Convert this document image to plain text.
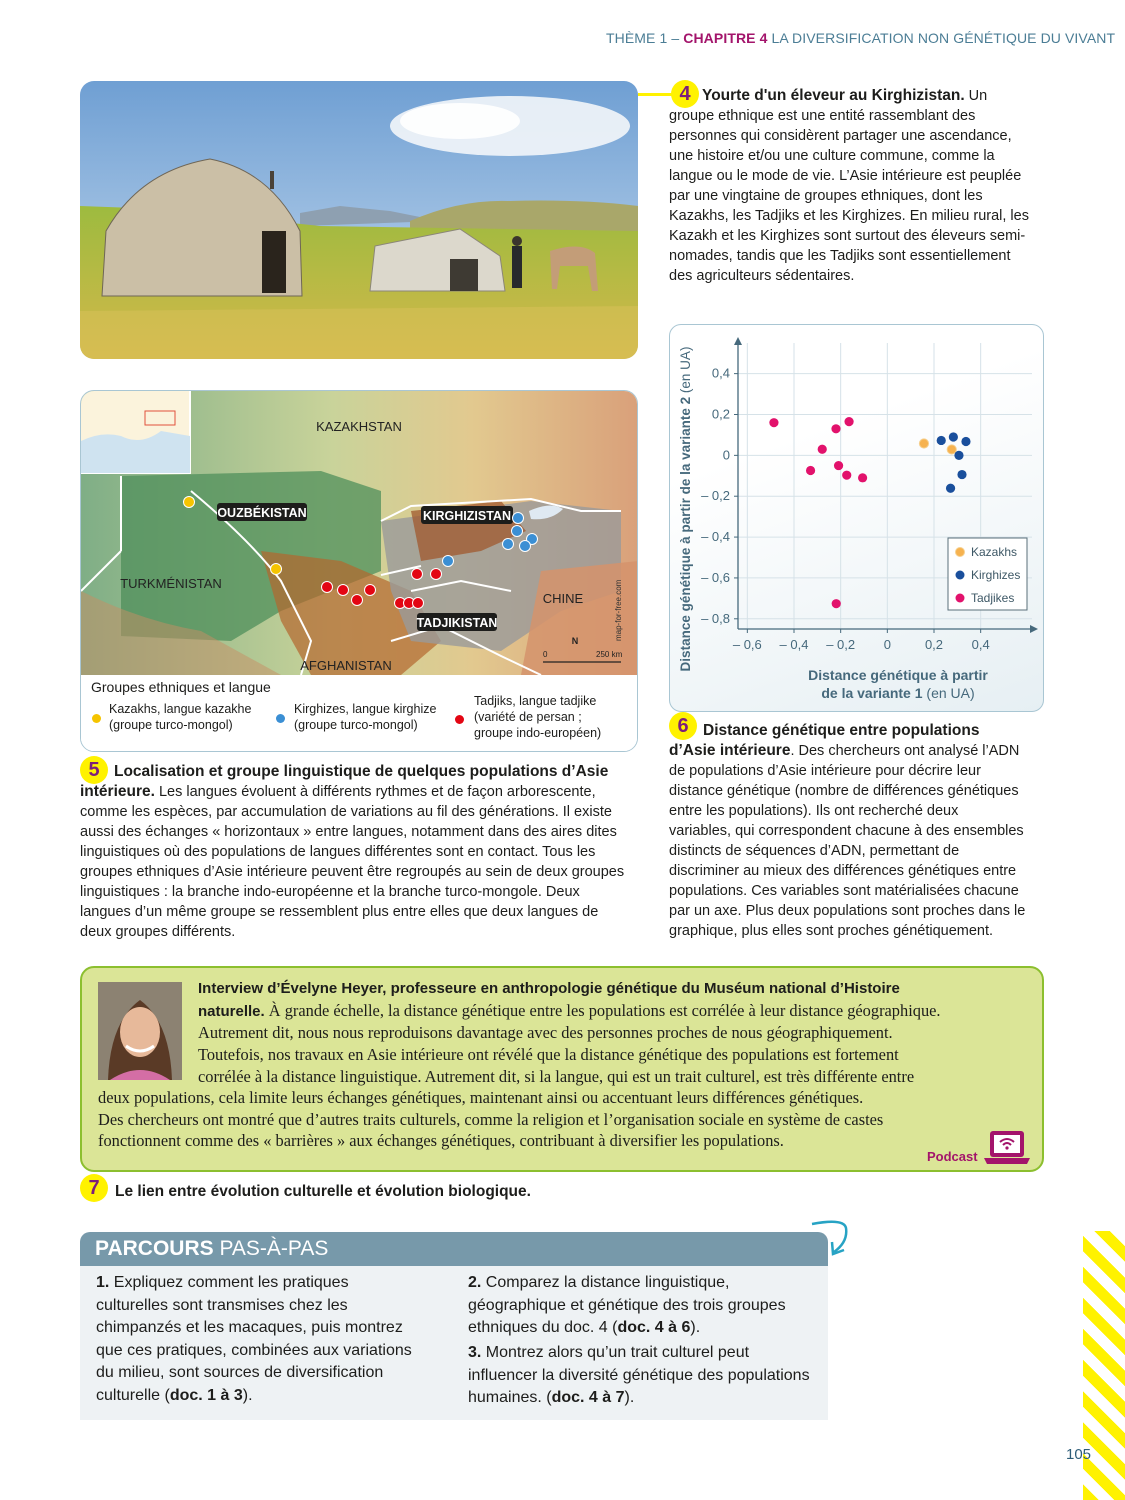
THÈME 1 – CHAPITRE 4 LA DIVERSIFICATION NON GÉNÉTIQUE DU VIVANT
4 Yourte d'un éleveur au Kirghizistan. Un
groupe ethnique est une entité rassemblant des
personnes qui considèrent partager une ascendance,
une histoire et/ou une culture commune, comme la
langue ou le mode de vie. L’Asie intérieure est peuplée
par une vingtaine de groupes ethniques, dont les
Kazakhs, les Tadjiks et les Kirghizes. En milieu rural, les
Kazakh et les Kirghizes sont surtout des éleveurs semi-
nomades, tandis que les Tadjiks sont essentiellement
des agriculteurs sédentaires.
KAZAKHSTAN
OUZBÉKISTAN	KIRGHIZISTAN
TURKMÉNISTAN
CHINE
TADJIKISTAN
AFGHANISTAN
map-for-free.com
N
0	250 km
Groupes ethniques et langue
Kazakhs, langue kazakhe
(groupe turco-mongol)
Kirghizes, langue kirghize
(groupe turco-mongol)
Tadjiks, langue tadjike
(variété de persan ;
groupe indo-européen)
5 Localisation et groupe linguistique de quelques populations d’Asie
intérieure. Les langues évoluent à différents rythmes et de façon arborescente,
comme les espèces, par accumulation de variations au fil des générations. Il existe
aussi des échanges « horizontaux » entre langues, notamment dans des aires dites
linguistiques où des populations de langues différentes sont en contact. Tous les
groupes ethniques d’Asie intérieure peuvent être regroupés au sein de deux groupes
linguistiques : la branche indo-européenne et la branche turco-mongole. Deux
langues d’un même groupe se ressemblent plus entre elles que deux langues de
deux groupes différents.
– 0,6 – 0,4 – 0,2 0	0,2 0,4
0,4
0,2
0
– 0,2
– 0,4
– 0,6
– 0,8
Distance génétique à partir de la variante 2 (en UA)
Distance génétique à partir
de la variante 1 (en UA)
Kazakhs
Kirghizes
Tadjikes
6 Distance génétique entre populations
d’Asie intérieure. Des chercheurs ont analysé l’ADN
de populations d’Asie intérieure pour décrire leur
distance génétique (nombre de différences génétiques
entre les populations). Ils ont recherché deux
variables, qui correspondent chacune à des ensembles
distincts de séquences d’ADN, permettant de
discriminer au mieux des différences génétiques entre
populations. Ces variables sont matérialisées chacune
par un axe. Plus deux populations sont proches dans le
graphique, plus elles sont proches génétiquement.
Interview d’Évelyne Heyer, professeure en anthropologie génétique du Muséum national d’Histoire
naturelle. À grande échelle, la distance génétique entre les populations est corrélée à leur distance géographique.
Autrement dit, nous nous reproduisons davantage avec des personnes proches de nous géographiquement.
Toutefois, nos travaux en Asie intérieure ont révélé que la distance génétique des populations est fortement
corrélée à la distance linguistique. Autrement dit, si la langue, qui est un trait culturel, est très différente entre
deux populations, cela limite leurs échanges génétiques, maintenant ainsi ou accentuant leurs différences génétiques.
Des chercheurs ont montré que d’autres traits culturels, comme la religion et l’organisation sociale en système de castes
fonctionnent comme des « barrières » aux échanges génétiques, contribuant à diversifier les populations.
Podcast
7 Le lien entre évolution culturelle et évolution biologique.
PARCOURS PAS-À-PAS
1. Expliquez comment les pratiques
culturelles sont transmises chez les
chimpanzés et les macaques, puis montrez
que ces pratiques, combinées aux variations
du milieu, sont sources de diversification
culturelle (doc. 1 à 3).
2. Comparez la distance linguistique,
géographique et génétique des trois groupes
ethniques du doc. 4 (doc. 4 à 6).
3. Montrez alors qu’un trait culturel peut
influencer la diversité génétique des populations
humaines. (doc. 4 à 7).
105
